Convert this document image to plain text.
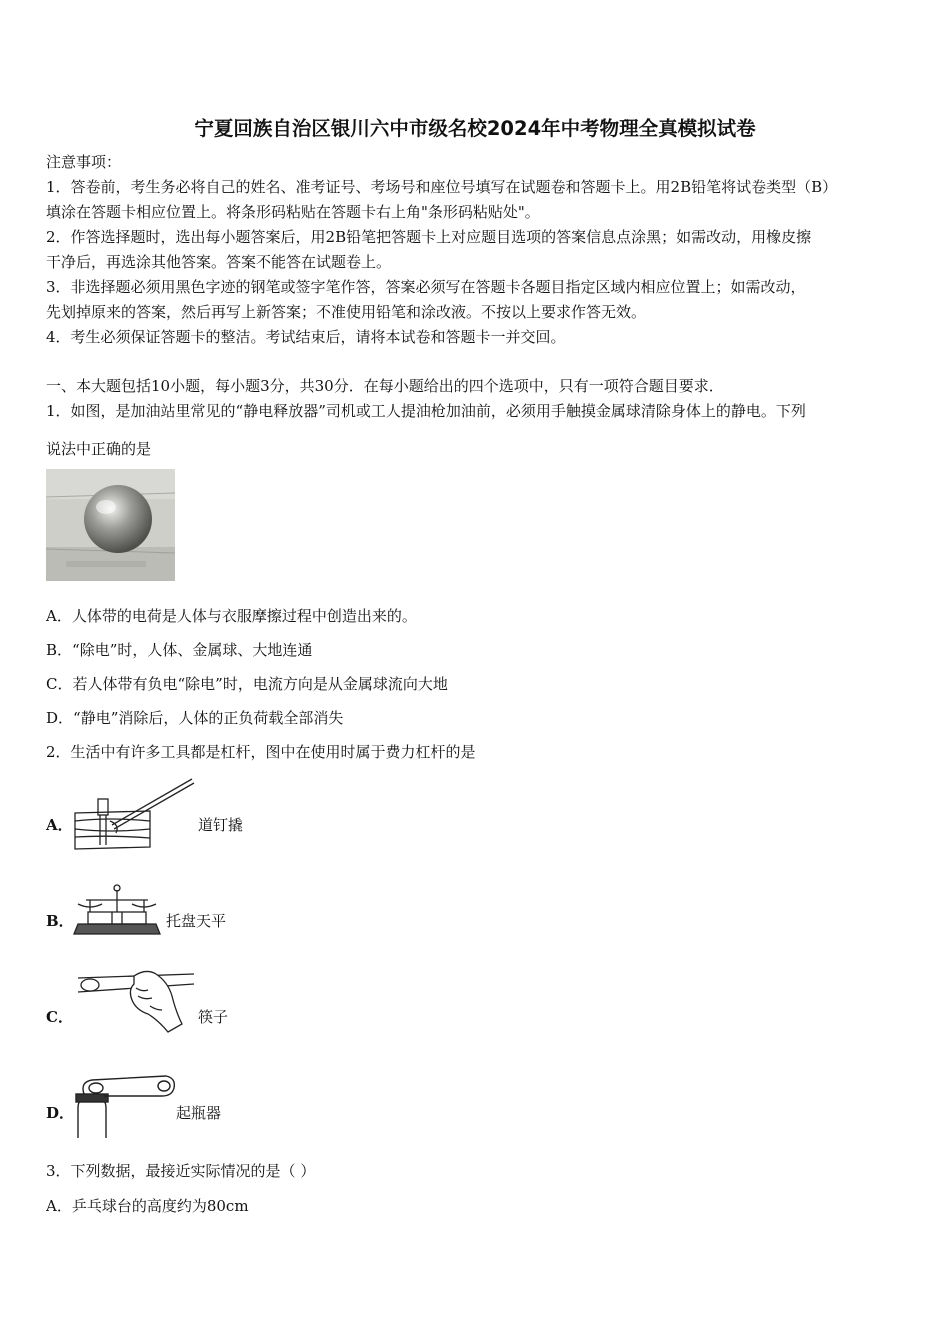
宁夏回族自治区银川六中市级名校2024年中考物理全真模拟试卷
注意事项：
1．答卷前，考生务必将自己的姓名、准考证号、考场号和座位号填写在试题卷和答题卡上。用2B铅笔将试卷类型（B）
填涂在答题卡相应位置上。将条形码粘贴在答题卡右上角"条形码粘贴处"。
2．作答选择题时，选出每小题答案后，用2B铅笔把答题卡上对应题目选项的答案信息点涂黑；如需改动，用橡皮擦
干净后，再选涂其他答案。答案不能答在试题卷上。
3．非选择题必须用黑色字迹的钢笔或签字笔作答，答案必须写在答题卡各题目指定区域内相应位置上；如需改动，
先划掉原来的答案，然后再写上新答案；不准使用铅笔和涂改液。不按以上要求作答无效。
4．考生必须保证答题卡的整洁。考试结束后，请将本试卷和答题卡一并交回。
一、本大题包括10小题，每小题3分，共30分．在每小题给出的四个选项中，只有一项符合题目要求．
1．如图，是加油站里常见的“静电释放器”司机或工人提油枪加油前，必须用手触摸金属球清除身体上的静电。下列
说法中正确的是
A．人体带的电荷是人体与衣服摩擦过程中创造出来的。
B．“除电”时，人体、金属球、大地连通
C．若人体带有负电“除电”时，电流方向是从金属球流向大地
D．“静电”消除后，人体的正负荷载全部消失
2．生活中有许多工具都是杠杆，图中在使用时属于费力杠杆的是
A．	道钉撬
B．	托盘天平
C．	筷子
D．	起瓶器
3．下列数据，最接近实际情况的是（ ）
A．乒乓球台的高度约为80cm
